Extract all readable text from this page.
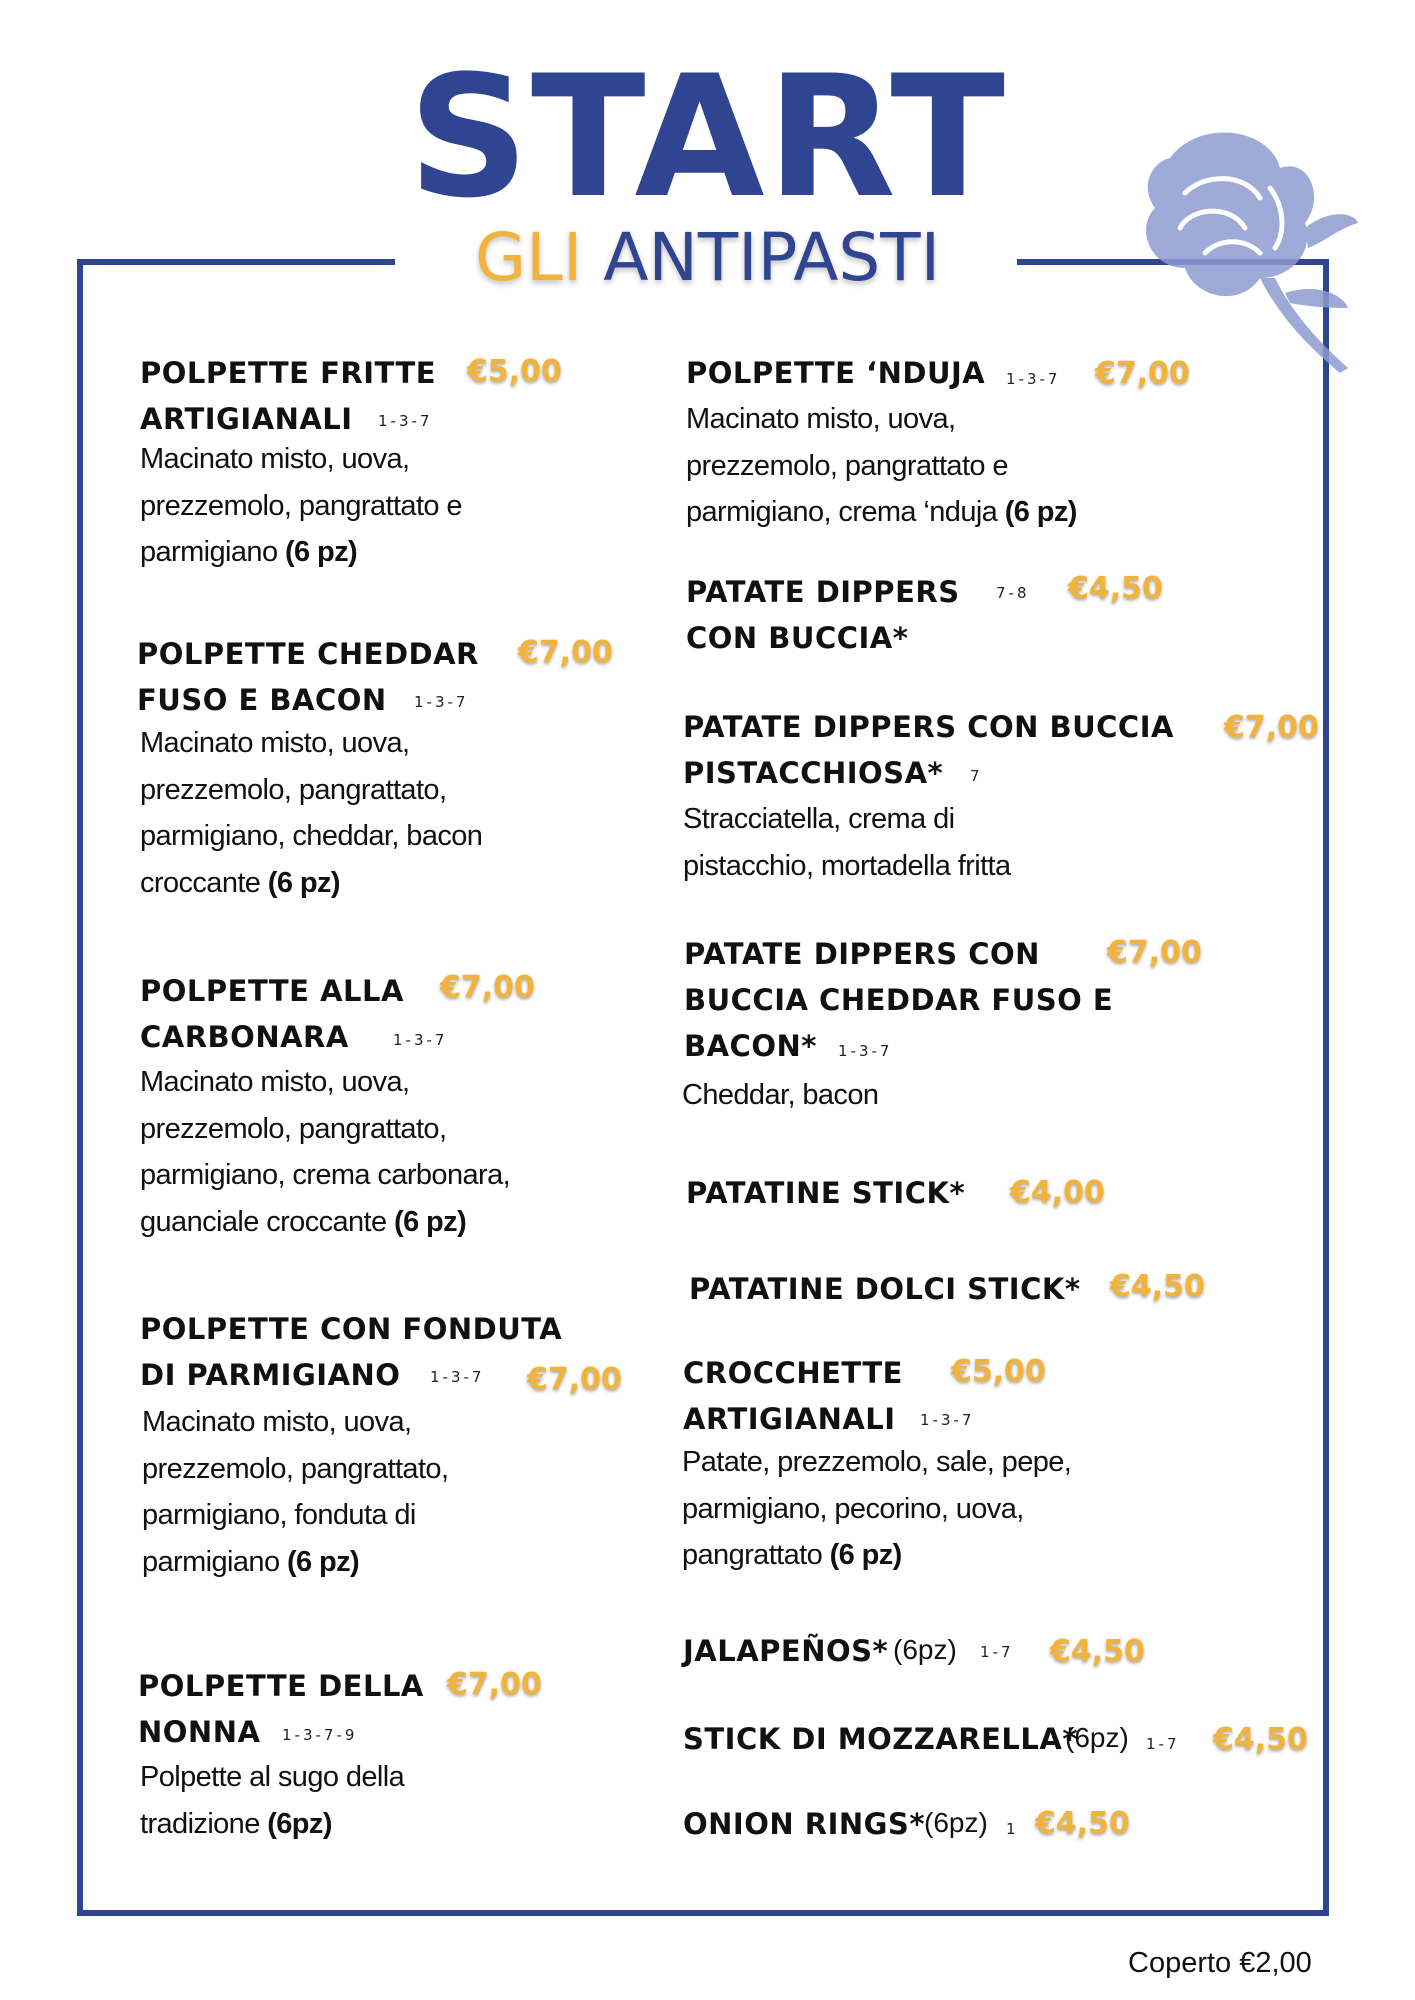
START
GLI ANTIPASTI
POLPETTE FRITTE €5,00
ARTIGIANALI 1-3-7
Macinato misto, uova,
prezzemolo, pangrattato e
parmigiano (6 pz)
POLPETTE CHEDDAR €7,00
FUSO E BACON 1-3-7
Macinato misto, uova,
prezzemolo, pangrattato,
parmigiano, cheddar, bacon
croccante (6 pz)
POLPETTE ALLA €7,00
CARBONARA	1-3-7
Macinato misto, uova,
prezzemolo, pangrattato,
parmigiano, crema carbonara,
guanciale croccante (6 pz)
POLPETTE CON FONDUTA
DI PARMIGIANO 1-3-7 €7,00
Macinato misto, uova,
prezzemolo, pangrattato,
parmigiano, fonduta di
parmigiano (6 pz)
POLPETTE DELLA €7,00
NONNA 1-3-7-9
Polpette al sugo della
tradizione (6pz)
POLPETTE ‘NDUJA 1-3-7 €7,00
Macinato misto, uova,
prezzemolo, pangrattato e
parmigiano, crema ‘nduja (6 pz)
PATATE DIPPERS 7-8 €4,50
CON BUCCIA*
PATATE DIPPERS CON BUCCIA €7,00
PISTACCHIOSA* 7
Stracciatella, crema di
pistacchio, mortadella fritta
PATATE DIPPERS CON €7,00
BUCCIA CHEDDAR FUSO E
BACON* 1-3-7
Cheddar, bacon
PATATINE STICK* €4,00
PATATINE DOLCI STICK* €4,50
CROCCHETTE €5,00
ARTIGIANALI 1-3-7
Patate, prezzemolo, sale, pepe,
parmigiano, pecorino, uova,
pangrattato (6 pz)
JALAPEÑOS* (6pz) 1-7 €4,50
STICK DI MOZZARELLA*
(6pz) 1-7 €4,50
ONION RINGS* (6pz) 1 €4,50
Coperto €2,00
